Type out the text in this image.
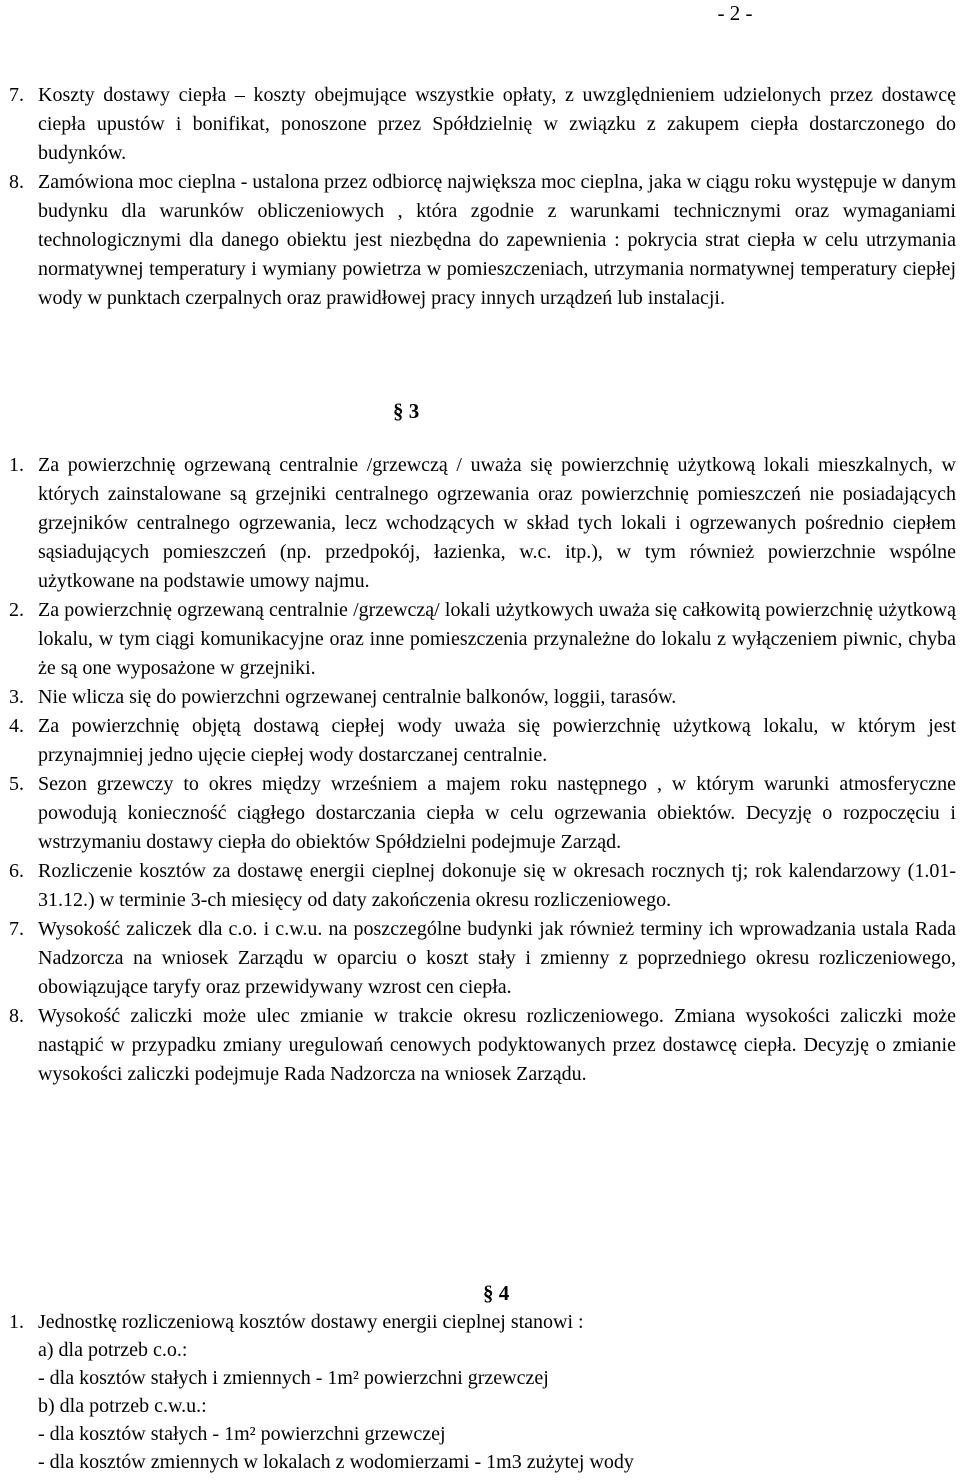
- 2 -
7. Koszty dostawy ciepła – koszty obejmujące wszystkie opłaty, z uwzględnieniem udzielonych przez dostawcę ciepła upustów i bonifikat, ponoszone przez Spółdzielnię w związku z zakupem ciepła dostarczonego do budynków.
8. Zamówiona moc cieplna - ustalona przez odbiorcę największa moc cieplna, jaka w ciągu roku występuje w danym budynku dla warunków obliczeniowych , która zgodnie z warunkami technicznymi oraz wymaganiami technologicznymi dla danego obiektu jest niezbędna do zapewnienia : pokrycia strat ciepła w celu utrzymania normatywnej temperatury i wymiany powietrza w pomieszczeniach, utrzymania normatywnej temperatury ciepłej wody w punktach czerpalnych oraz prawidłowej pracy innych urządzeń lub instalacji.
§ 3
1. Za powierzchnię ogrzewaną centralnie /grzewczą / uważa się powierzchnię użytkową lokali mieszkalnych, w których zainstalowane są grzejniki centralnego ogrzewania oraz powierzchnię pomieszczeń nie posiadających grzejników centralnego ogrzewania, lecz wchodzących w skład tych lokali i ogrzewanych pośrednio ciepłem sąsiadujących pomieszczeń (np. przedpokój, łazienka, w.c. itp.), w tym również powierzchnie wspólne użytkowane na podstawie umowy najmu.
2. Za powierzchnię ogrzewaną centralnie /grzewczą/ lokali użytkowych uważa się całkowitą powierzchnię użytkową lokalu, w tym ciągi komunikacyjne oraz inne pomieszczenia przynależne do lokalu z wyłączeniem piwnic, chyba że są one wyposażone w grzejniki.
3. Nie wlicza się do powierzchni ogrzewanej centralnie balkonów, loggii, tarasów.
4. Za powierzchnię objętą dostawą ciepłej wody uważa się powierzchnię użytkową lokalu, w którym jest przynajmniej jedno ujęcie ciepłej wody dostarczanej centralnie.
5. Sezon grzewczy to okres między wrześniem a majem roku następnego , w którym warunki atmosferyczne powodują konieczność ciągłego dostarczania ciepła w celu ogrzewania obiektów. Decyzję o rozpoczęciu i wstrzymaniu dostawy ciepła do obiektów Spółdzielni podejmuje Zarząd.
6. Rozliczenie kosztów za dostawę energii cieplnej dokonuje się w okresach rocznych tj; rok kalendarzowy (1.01-31.12.) w terminie 3-ch miesięcy od daty zakończenia okresu rozliczeniowego.
7. Wysokość zaliczek dla c.o. i c.w.u. na poszczególne budynki jak również terminy ich wprowadzania ustala Rada Nadzorcza na wniosek Zarządu w oparciu o koszt stały i zmienny z poprzedniego okresu rozliczeniowego, obowiązujące taryfy oraz przewidywany wzrost cen ciepła.
8. Wysokość zaliczki może ulec zmianie w trakcie okresu rozliczeniowego. Zmiana wysokości zaliczki może nastąpić w przypadku zmiany uregulowań cenowych podyktowanych przez dostawcę ciepła. Decyzję o zmianie wysokości zaliczki podejmuje Rada Nadzorcza na wniosek Zarządu.
§ 4
1. Jednostkę rozliczeniową kosztów dostawy energii cieplnej stanowi :
a) dla potrzeb c.o.:
- dla kosztów stałych i zmiennych - 1m² powierzchni grzewczej
b) dla potrzeb c.w.u.:
- dla kosztów stałych - 1m² powierzchni grzewczej
- dla kosztów zmiennych w lokalach z wodomierzami - 1m3 zużytej wody
